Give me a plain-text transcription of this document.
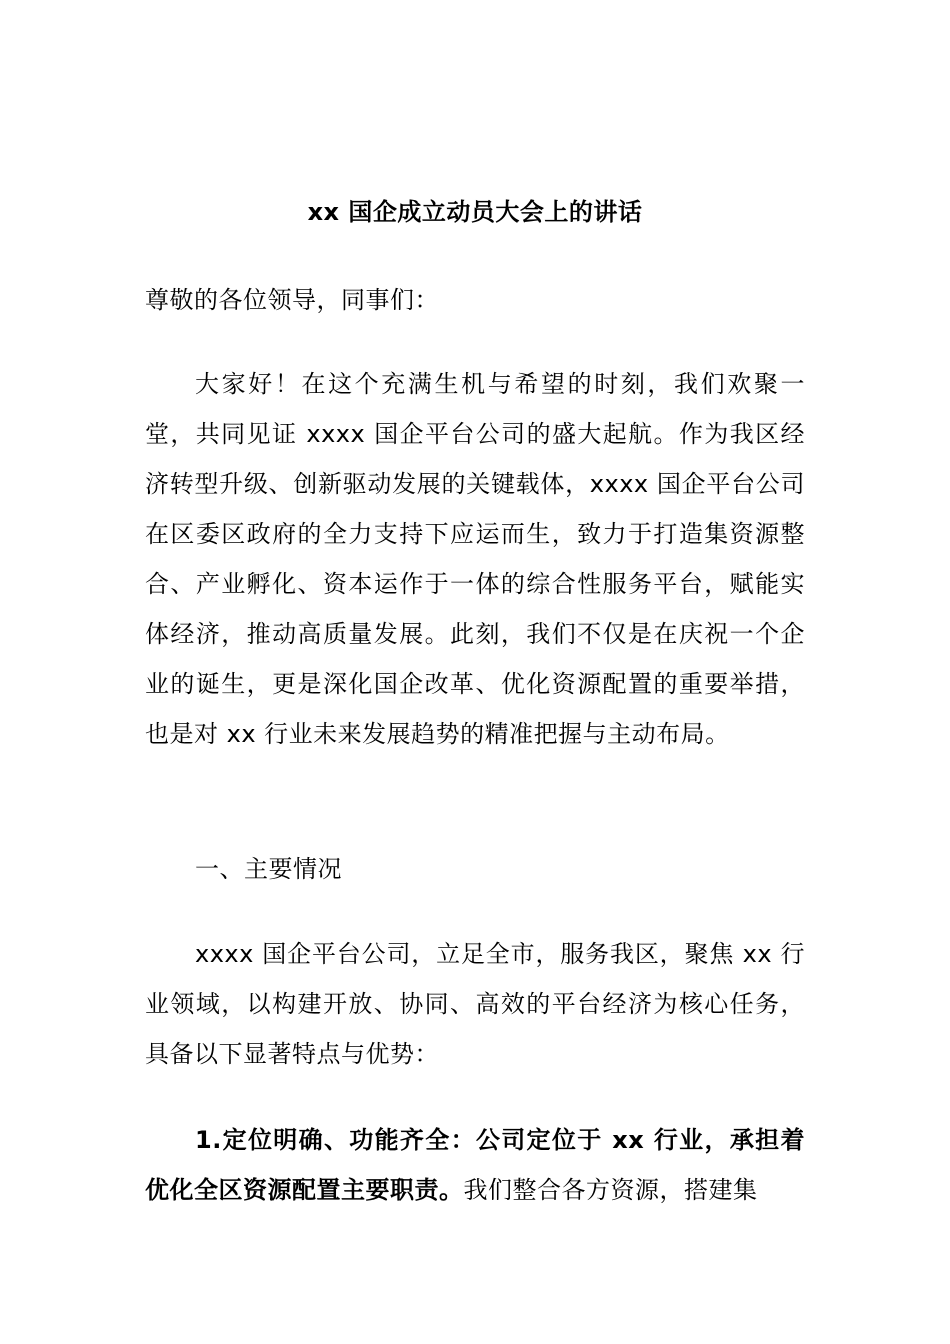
xx 国企成立动员大会上的讲话
尊敬的各位领导，同事们：
大家好！在这个充满生机与希望的时刻，我们欢聚一堂，共同见证 xxxx 国企平台公司的盛大起航。作为我区经济转型升级、创新驱动发展的关键载体，xxxx 国企平台公司在区委区政府的全力支持下应运而生，致力于打造集资源整合、产业孵化、资本运作于一体的综合性服务平台，赋能实体经济，推动高质量发展。此刻，我们不仅是在庆祝一个企业的诞生，更是深化国企改革、优化资源配置的重要举措，也是对 xx 行业未来发展趋势的精准把握与主动布局。
一、主要情况
xxxx 国企平台公司，立足全市，服务我区，聚焦 xx 行业领域，以构建开放、协同、高效的平台经济为核心任务，具备以下显著特点与优势：
1.定位明确、功能齐全：公司定位于 xx 行业，承担着优化全区资源配置主要职责。我们整合各方资源，搭建集
